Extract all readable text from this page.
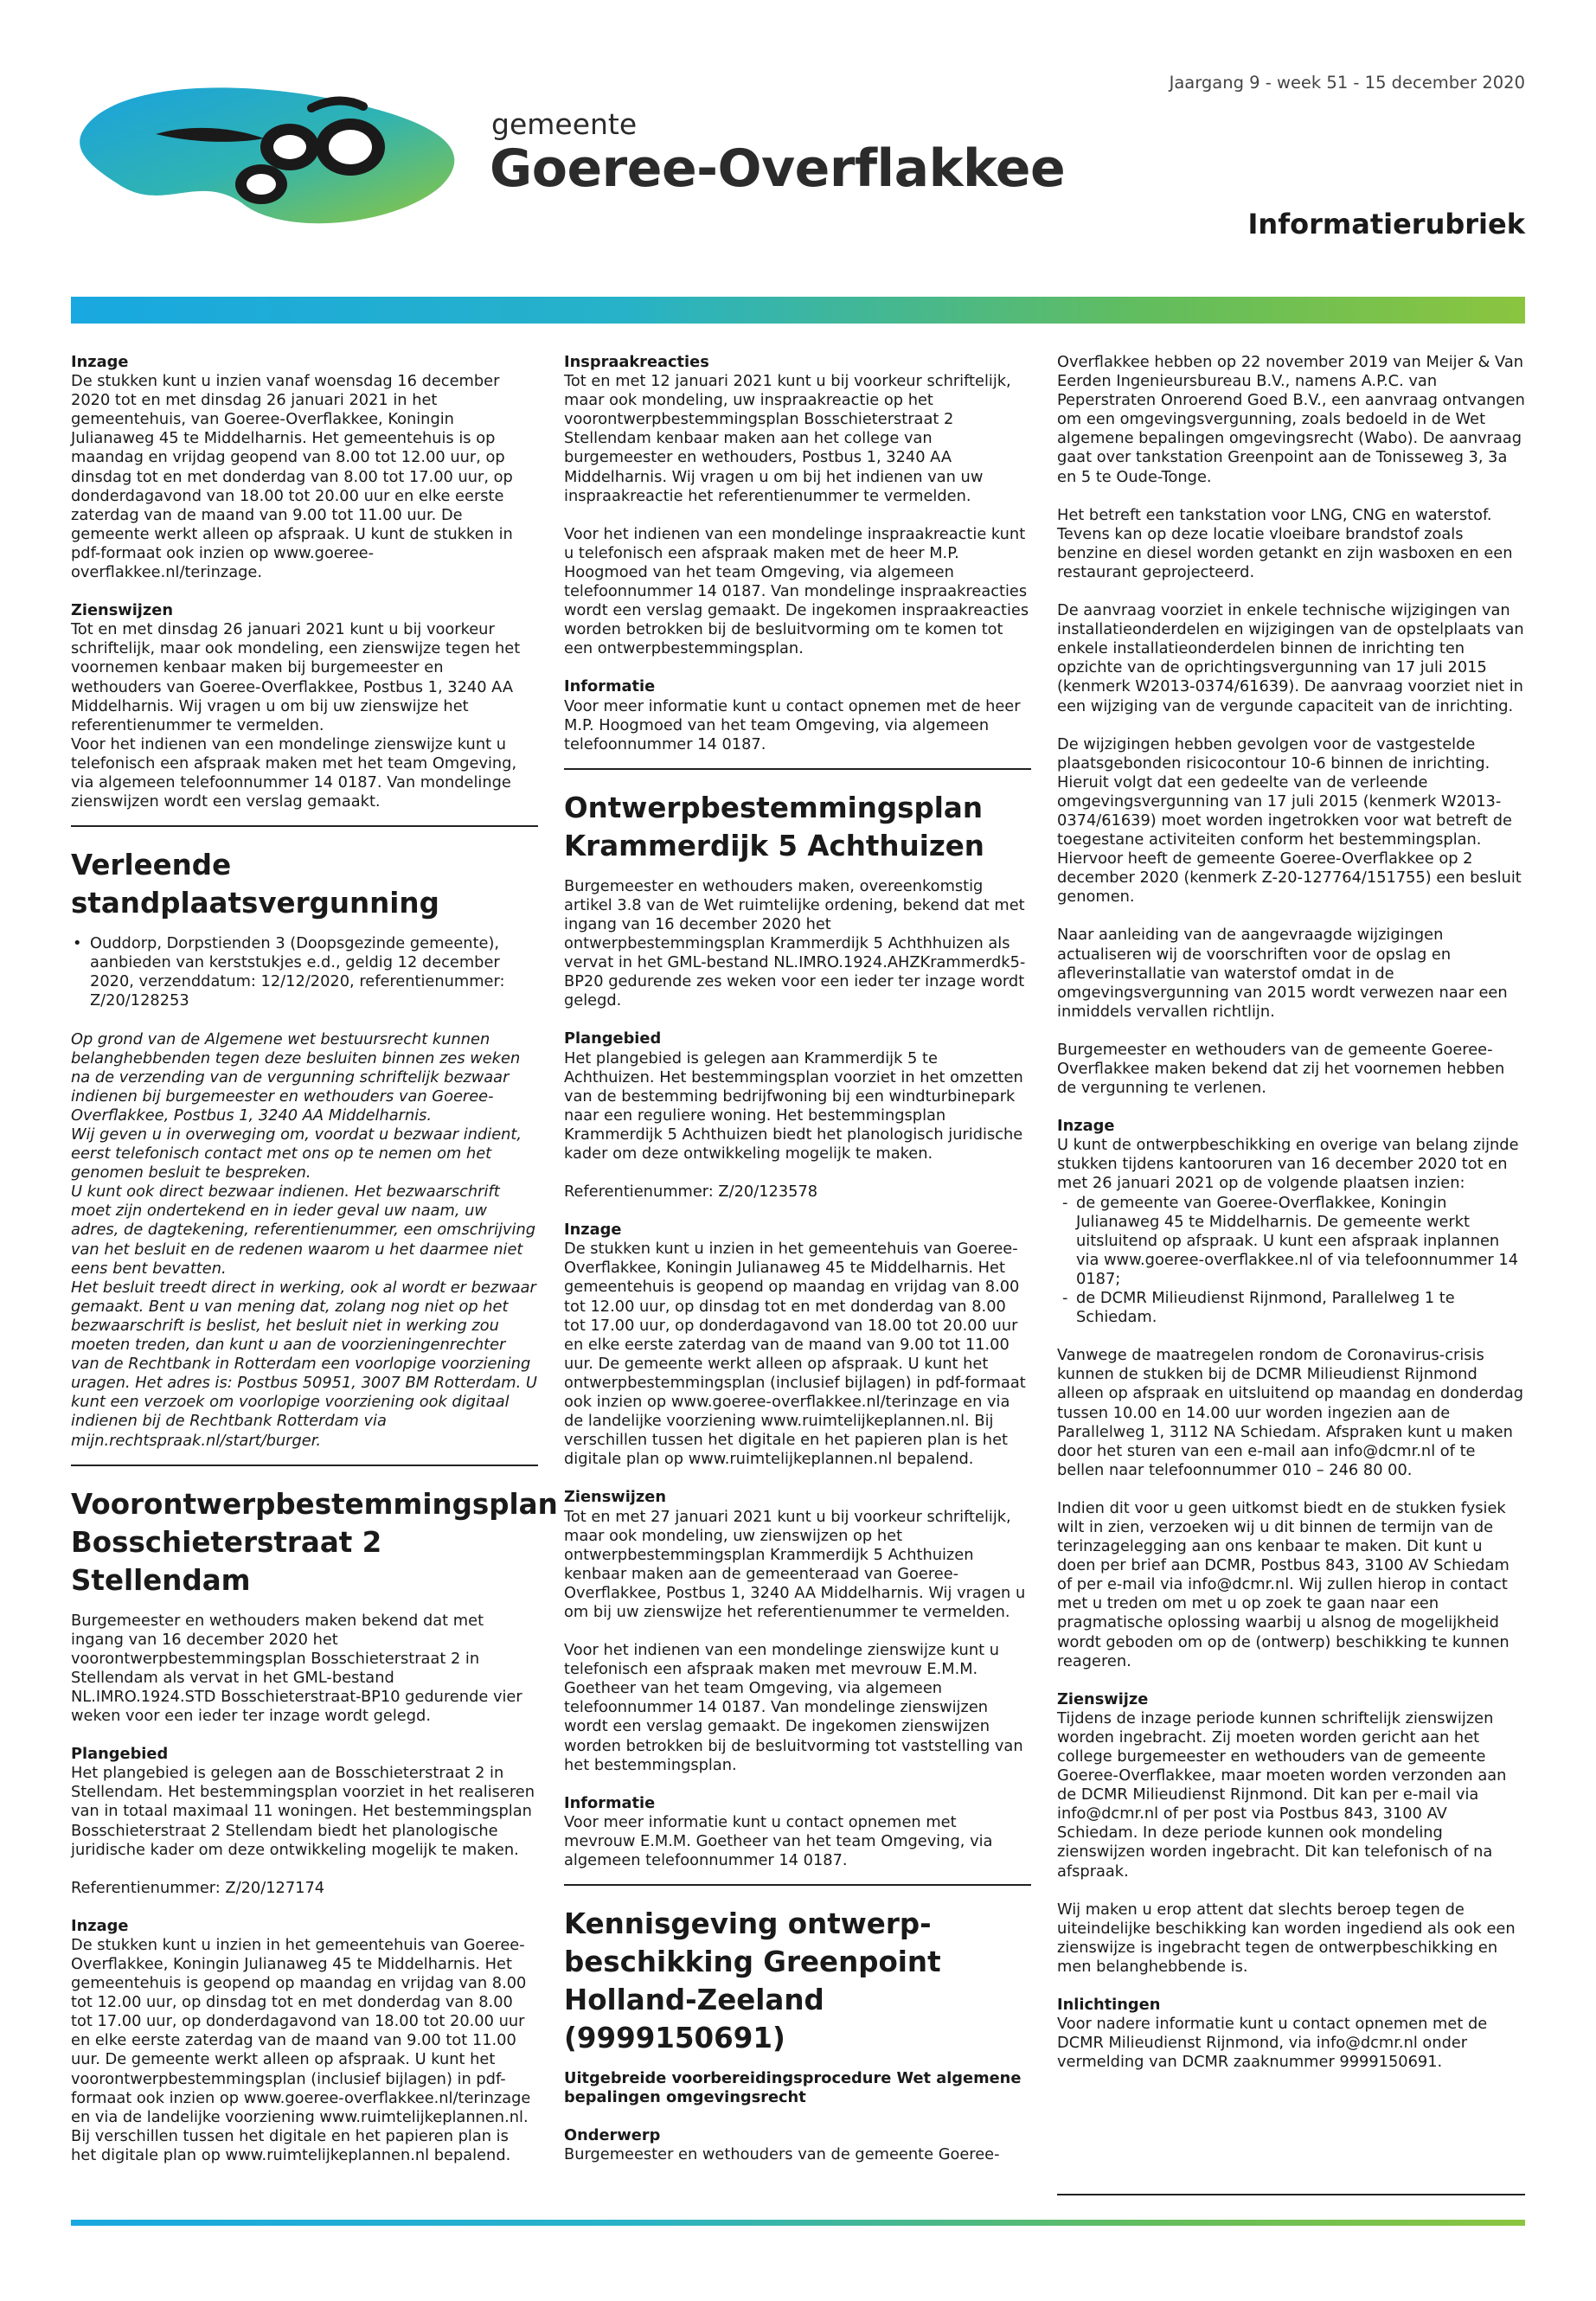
gemeente
Goeree-Overflakkee
Jaargang 9 - week 51 - 15 december 2020
Informatierubriek

Inzage

De stukken kunt u inzien vanaf woensdag 16 december 2020 tot en met dinsdag 26 januari 2021 in het gemeentehuis, van Goeree-Overflakkee, Koningin Julianaweg 45 te Middelharnis. Het gemeentehuis is op maandag en vrijdag geopend van 8.00 tot 12.00 uur, op dinsdag tot en met donderdag van 8.00 tot 17.00 uur, op donderdagavond van 18.00 tot 20.00 uur en elke eerste zaterdag van de maand van 9.00 tot 11.00 uur. De gemeente werkt alleen op afspraak. U kunt de stukken in pdf-formaat ook inzien op www.goeree-overflakkee.nl/terinzage.

Zienswijzen

Tot en met dinsdag 26 januari 2021 kunt u bij voorkeur schriftelijk, maar ook mondeling, een zienswijze tegen het voornemen kenbaar maken bij burgemeester en wethouders van Goeree-Overflakkee, Postbus 1, 3240 AA Middelharnis. Wij vragen u om bij uw zienswijze het referentienummer te vermelden.

Voor het indienen van een mondelinge zienswijze kunt u telefonisch een afspraak maken met het team Omgeving, via algemeen telefoonnummer 14 0187. Van mondelinge zienswijzen wordt een verslag gemaakt.

Verleende standplaatsvergunning
• Ouddorp, Dorpstienden 3 (Doopsgezinde gemeente), aanbieden van kerststukjes e.d., geldig 12 december 2020, verzenddatum: 12/12/2020, referentienummer: Z/20/128253

Op grond van de Algemene wet bestuursrecht kunnen belanghebbenden tegen deze besluiten binnen zes weken na de verzending van de vergunning schriftelijk bezwaar indienen bij burgemeester en wethouders van Goeree-Overflakkee, Postbus 1, 3240 AA Middelharnis.

Wij geven u in overweging om, voordat u bezwaar indient, eerst telefonisch contact met ons op te nemen om het genomen besluit te bespreken.

U kunt ook direct bezwaar indienen. Het bezwaarschrift moet zijn ondertekend en in ieder geval uw naam, uw adres, de dagtekening, referentienummer, een omschrijving van het besluit en de redenen waarom u het daarmee niet eens bent bevatten.

Het besluit treedt direct in werking, ook al wordt er bezwaar gemaakt. Bent u van mening dat, zolang nog niet op het bezwaarschrift is beslist, het besluit niet in werking zou moeten treden, dan kunt u aan de voorzieningenrechter van de Rechtbank in Rotterdam een voorlopige voorziening uragen. Het adres is: Postbus 50951, 3007 BM Rotterdam. U kunt een verzoek om voorlopige voorziening ook digitaal indienen bij de Rechtbank Rotterdam via mijn.rechtspraak.nl/start/burger.

Voorontwerpbestemmingsplan Bosschieterstraat 2 Stellendam

Burgemeester en wethouders maken bekend dat met ingang van 16 december 2020 het voorontwerpbestemmingsplan Bosschieterstraat 2 in Stellendam als vervat in het GML-bestand NL.IMRO.1924.STD Bosschieterstraat-BP10 gedurende vier weken voor een ieder ter inzage wordt gelegd.

Plangebied

Het plangebied is gelegen aan de Bosschieterstraat 2 in Stellendam. Het bestemmingsplan voorziet in het realiseren van in totaal maximaal 11 woningen. Het bestemmingsplan Bosschieterstraat 2 Stellendam biedt het planologische juridische kader om deze ontwikkeling mogelijk te maken.

Referentienummer: Z/20/127174

Inzage

De stukken kunt u inzien in het gemeentehuis van Goeree-Overflakkee, Koningin Julianaweg 45 te Middelharnis. Het gemeentehuis is geopend op maandag en vrijdag van 8.00 tot 12.00 uur, op dinsdag tot en met donderdag van 8.00 tot 17.00 uur, op donderdagavond van 18.00 tot 20.00 uur en elke eerste zaterdag van de maand van 9.00 tot 11.00 uur. De gemeente werkt alleen op afspraak. U kunt het voorontwerpbestemmingsplan (inclusief bijlagen) in pdf-formaat ook inzien op www.goeree-overflakkee.nl/terinzage en via de landelijke voorziening www.ruimtelijkeplannen.nl. Bij verschillen tussen het digitale en het papieren plan is het digitale plan op www.ruimtelijkeplannen.nl bepalend.

Inspraakreacties

Tot en met 12 januari 2021 kunt u bij voorkeur schriftelijk, maar ook mondeling, uw inspraakreactie op het voorontwerpbestemmingsplan Bosschieterstraat 2 Stellendam kenbaar maken aan het college van burgemeester en wethouders, Postbus 1, 3240 AA Middelharnis. Wij vragen u om bij het indienen van uw inspraakreactie het referentienummer te vermelden.

Voor het indienen van een mondelinge inspraakreactie kunt u telefonisch een afspraak maken met de heer M.P. Hoogmoed van het team Omgeving, via algemeen telefoonnummer 14 0187. Van mondelinge inspraakreacties wordt een verslag gemaakt. De ingekomen inspraakreacties worden betrokken bij de besluitvorming om te komen tot een ontwerpbestemmingsplan.

Informatie

Voor meer informatie kunt u contact opnemen met de heer M.P. Hoogmoed van het team Omgeving, via algemeen telefoonnummer 14 0187.

Ontwerpbestemmingsplan Krammerdijk 5 Achthuizen

Burgemeester en wethouders maken, overeenkomstig artikel 3.8 van de Wet ruimtelijke ordening, bekend dat met ingang van 16 december 2020 het ontwerpbestemmingsplan Krammerdijk 5 Achthhuizen als vervat in het GML-bestand NL.IMRO.1924.AHZKrammerdk5-BP20 gedurende zes weken voor een ieder ter inzage wordt gelegd.

Plangebied

Het plangebied is gelegen aan Krammerdijk 5 te Achthuizen. Het bestemmingsplan voorziet in het omzetten van de bestemming bedrijfwoning bij een windturbinepark naar een reguliere woning. Het bestemmingsplan Krammerdijk 5 Achthuizen biedt het planologisch juridische kader om deze ontwikkeling mogelijk te maken.

Referentienummer: Z/20/123578

Inzage

De stukken kunt u inzien in het gemeentehuis van Goeree-Overflakkee, Koningin Julianaweg 45 te Middelharnis. Het gemeentehuis is geopend op maandag en vrijdag van 8.00 tot 12.00 uur, op dinsdag tot en met donderdag van 8.00 tot 17.00 uur, op donderdagavond van 18.00 tot 20.00 uur en elke eerste zaterdag van de maand van 9.00 tot 11.00 uur. De gemeente werkt alleen op afspraak. U kunt het ontwerpbestemmingsplan (inclusief bijlagen) in pdf-formaat ook inzien op www.goeree-overflakkee.nl/terinzage en via de landelijke voorziening www.ruimtelijkeplannen.nl. Bij verschillen tussen het digitale en het papieren plan is het digitale plan op www.ruimtelijkeplannen.nl bepalend.

Zienswijzen

Tot en met 27 januari 2021 kunt u bij voorkeur schriftelijk, maar ook mondeling, uw zienswijzen op het ontwerpbestemmingsplan Krammerdijk 5 Achthuizen kenbaar maken aan de gemeenteraad van Goeree-Overflakkee, Postbus 1, 3240 AA Middelharnis. Wij vragen u om bij uw zienswijze het referentienummer te vermelden.

Voor het indienen van een mondelinge zienswijze kunt u telefonisch een afspraak maken met mevrouw E.M.M. Goetheer van het team Omgeving, via algemeen telefoonnummer 14 0187. Van mondelinge zienswijzen wordt een verslag gemaakt. De ingekomen zienswijzen worden betrokken bij de besluitvorming tot vaststelling van het bestemmingsplan.

Informatie

Voor meer informatie kunt u contact opnemen met mevrouw E.M.M. Goetheer van het team Omgeving, via algemeen telefoonnummer 14 0187.

Kennisgeving ontwerp-beschikking Greenpoint Holland-Zeeland (9999150691)

Uitgebreide voorbereidingsprocedure Wet algemene bepalingen omgevingsrecht

Onderwerp

Burgemeester en wethouders van de gemeente Goeree-

Overflakkee hebben op 22 november 2019 van Meijer & Van Eerden Ingenieursbureau B.V., namens A.P.C. van Peperstraten Onroerend Goed B.V., een aanvraag ontvangen om een omgevingsvergunning, zoals bedoeld in de Wet algemene bepalingen omgevingsrecht (Wabo). De aanvraag gaat over tankstation Greenpoint aan de Tonisseweg 3, 3a en 5 te Oude-Tonge.

Het betreft een tankstation voor LNG, CNG en waterstof. Tevens kan op deze locatie vloeibare brandstof zoals benzine en diesel worden getankt en zijn wasboxen en een restaurant geprojecteerd.

De aanvraag voorziet in enkele technische wijzigingen van installatieonderdelen en wijzigingen van de opstelplaats van enkele installatieonderdelen binnen de inrichting ten opzichte van de oprichtingsvergunning van 17 juli 2015 (kenmerk W2013-0374/61639). De aanvraag voorziet niet in een wijziging van de vergunde capaciteit van de inrichting.

De wijzigingen hebben gevolgen voor de vastgestelde plaatsgebonden risicocontour 10-6 binnen de inrichting. Hieruit volgt dat een gedeelte van de verleende omgevingsvergunning van 17 juli 2015 (kenmerk W2013-0374/61639) moet worden ingetrokken voor wat betreft de toegestane activiteiten conform het bestemmingsplan. Hiervoor heeft de gemeente Goeree-Overflakkee op 2 december 2020 (kenmerk Z-20-127764/151755) een besluit genomen.

Naar aanleiding van de aangevraagde wijzigingen actualiseren wij de voorschriften voor de opslag en afleverinstallatie van waterstof omdat in de omgevingsvergunning van 2015 wordt verwezen naar een inmiddels vervallen richtlijn.

Burgemeester en wethouders van de gemeente Goeree-Overflakkee maken bekend dat zij het voornemen hebben de vergunning te verlenen.

Inzage

U kunt de ontwerpbeschikking en overige van belang zijnde stukken tijdens kantooruren van 16 december 2020 tot en met 26 januari 2021 op de volgende plaatsen inzien:

- de gemeente van Goeree-Overflakkee, Koningin Julianaweg 45 te Middelharnis. De gemeente werkt uitsluitend op afspraak. U kunt een afspraak inplannen via www.goeree-overflakkee.nl of via telefoonnummer 14 0187;
- de DCMR Milieudienst Rijnmond, Parallelweg 1 te Schiedam.

Vanwege de maatregelen rondom de Coronavirus-crisis kunnen de stukken bij de DCMR Milieudienst Rijnmond alleen op afspraak en uitsluitend op maandag en donderdag tussen 10.00 en 14.00 uur worden ingezien aan de Parallelweg 1, 3112 NA Schiedam. Afspraken kunt u maken door het sturen van een e-mail aan info@dcmr.nl of te bellen naar telefoonnummer 010 – 246 80 00.

Indien dit voor u geen uitkomst biedt en de stukken fysiek wilt in zien, verzoeken wij u dit binnen de termijn van de terinzagelegging aan ons kenbaar te maken. Dit kunt u doen per brief aan DCMR, Postbus 843, 3100 AV Schiedam of per e-mail via info@dcmr.nl. Wij zullen hierop in contact met u treden om met u op zoek te gaan naar een pragmatische oplossing waarbij u alsnog de mogelijkheid wordt geboden om op de (ontwerp) beschikking te kunnen reageren.

Zienswijze

Tijdens de inzage periode kunnen schriftelijk zienswijzen worden ingebracht. Zij moeten worden gericht aan het college burgemeester en wethouders van de gemeente Goeree-Overflakkee, maar moeten worden verzonden aan de DCMR Milieudienst Rijnmond. Dit kan per e-mail via info@dcmr.nl of per post via Postbus 843, 3100 AV Schiedam. In deze periode kunnen ook mondeling zienswijzen worden ingebracht. Dit kan telefonisch of na afspraak.

Wij maken u erop attent dat slechts beroep tegen de uiteindelijke beschikking kan worden ingediend als ook een zienswijze is ingebracht tegen de ontwerpbeschikking en men belanghebbende is.

Inlichtingen

Voor nadere informatie kunt u contact opnemen met de DCMR Milieudienst Rijnmond, via info@dcmr.nl onder vermelding van DCMR zaaknummer 9999150691.
